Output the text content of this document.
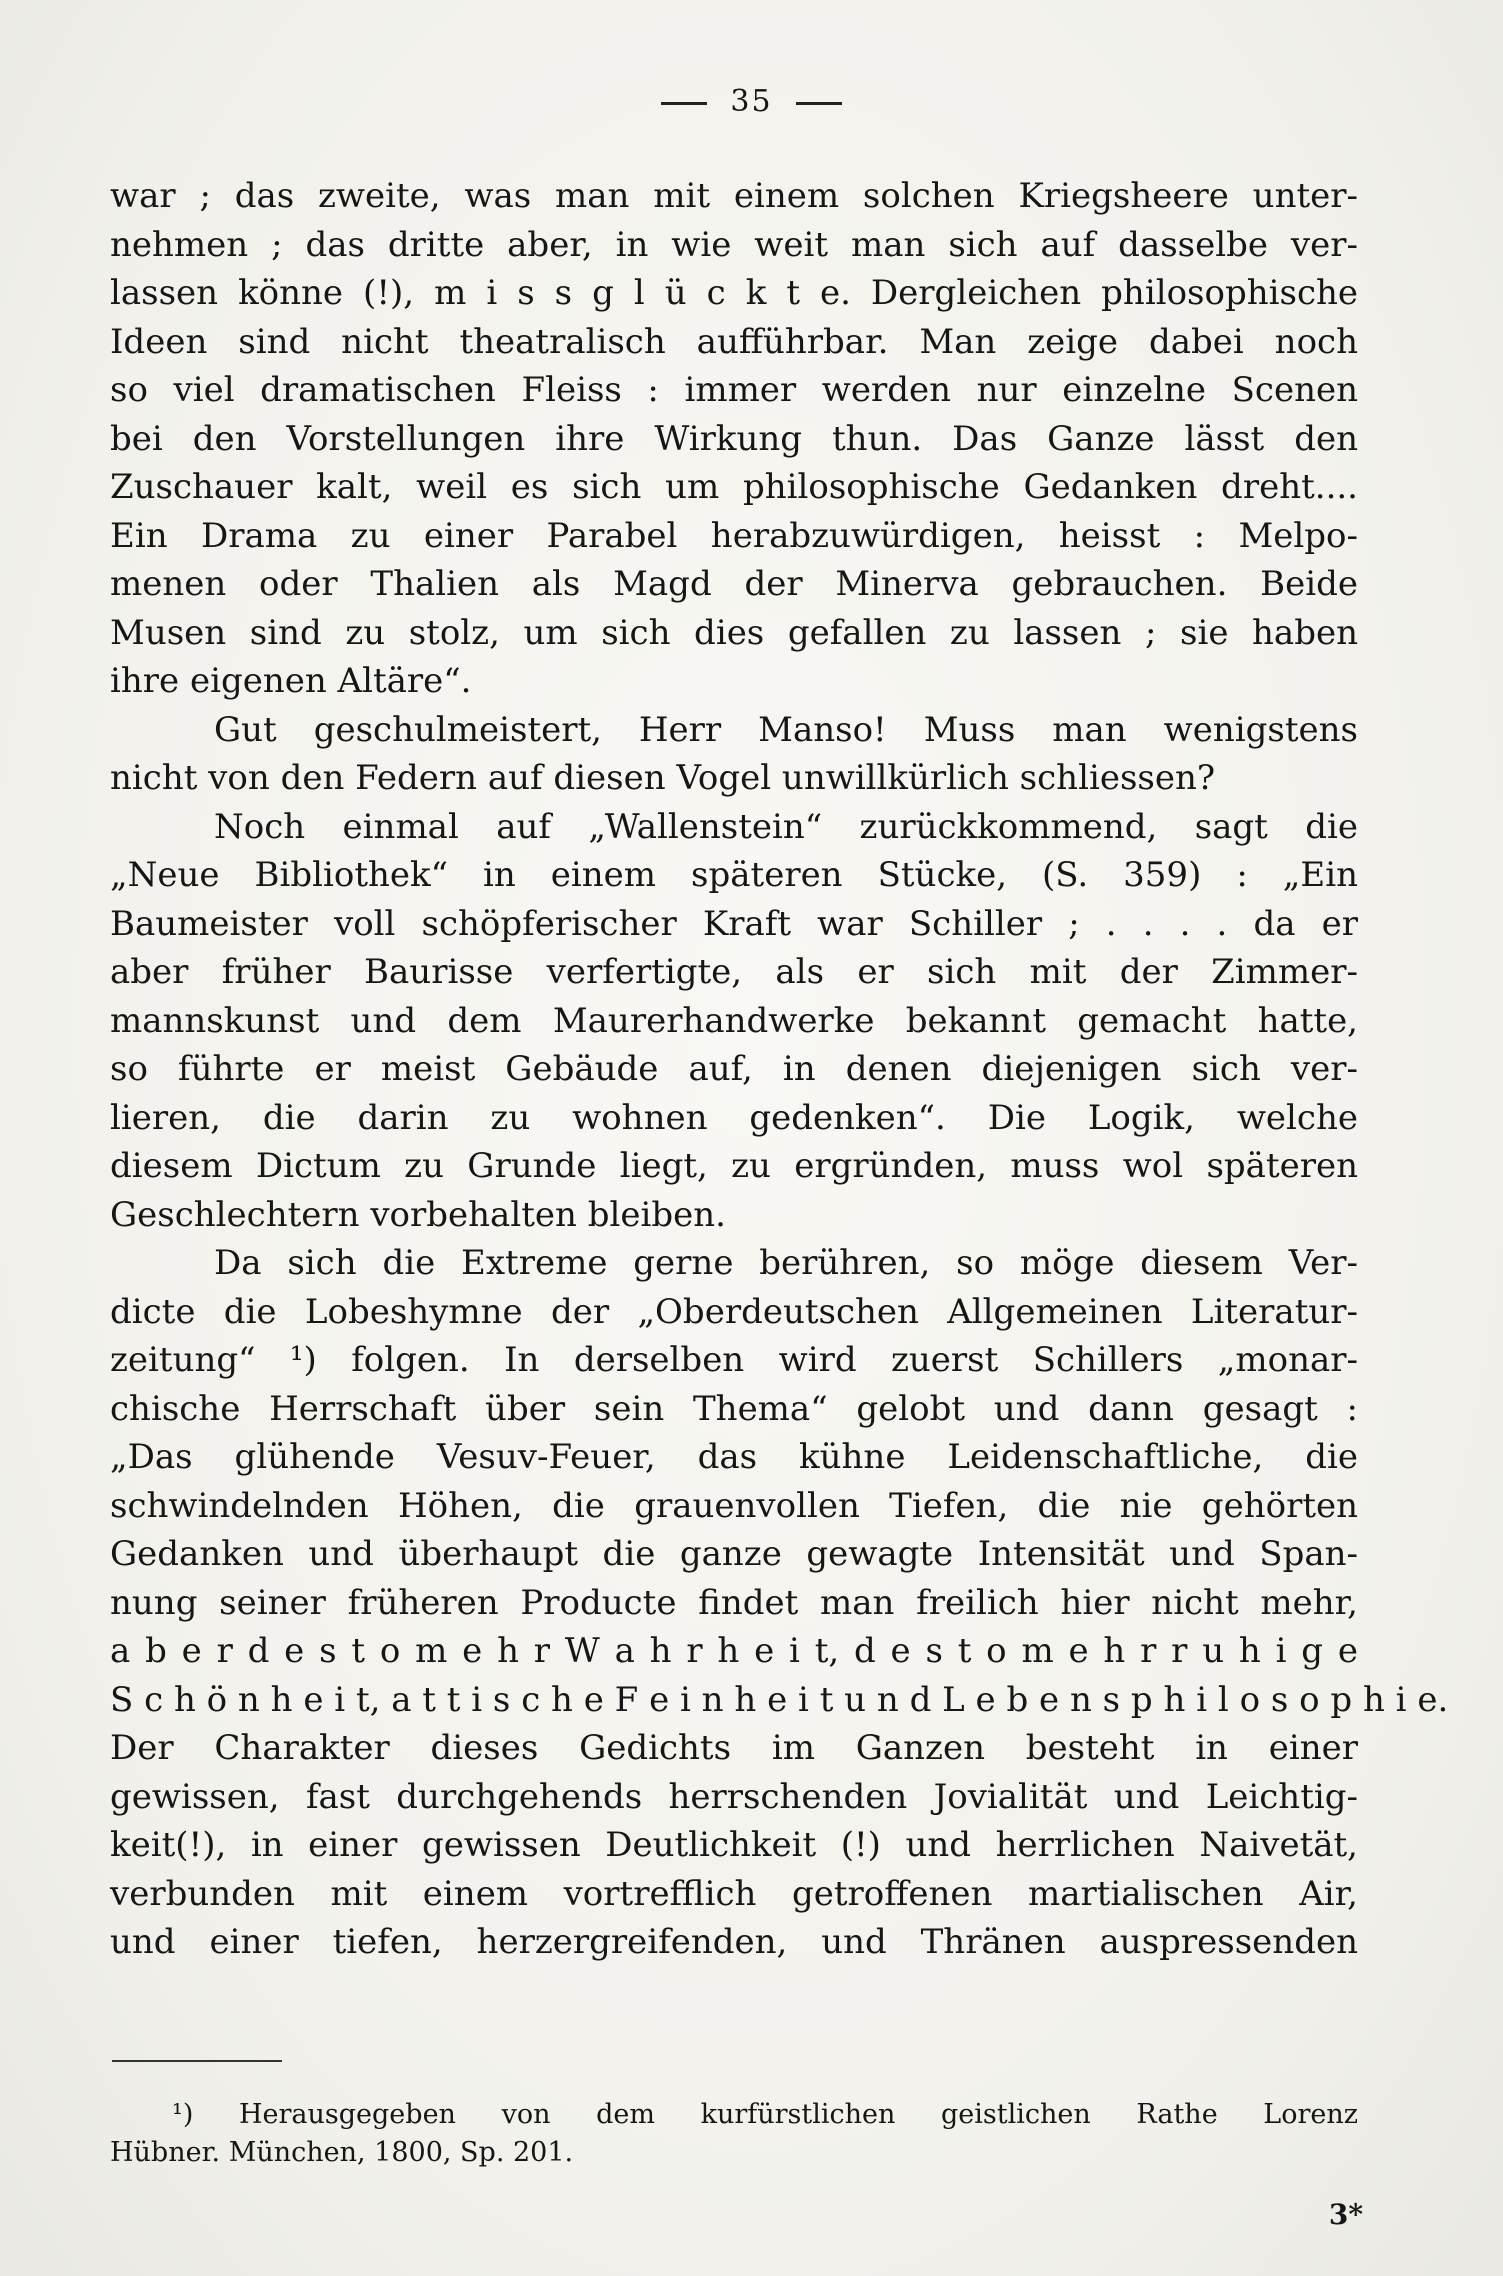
35
war ; das zweite, was man mit einem solchen Kriegsheere unter-
nehmen ; das dritte aber, in wie weit man sich auf dasselbe ver-
lassen könne (!), m i s s g l ü c k t e. Dergleichen philosophische
Ideen sind nicht theatralisch aufführbar. Man zeige dabei noch
so viel dramatischen Fleiss : immer werden nur einzelne Scenen
bei den Vorstellungen ihre Wirkung thun. Das Ganze lässt den
Zuschauer kalt, weil es sich um philosophische Gedanken dreht....
Ein Drama zu einer Parabel herabzuwürdigen, heisst : Melpo-
menen oder Thalien als Magd der Minerva gebrauchen. Beide
Musen sind zu stolz, um sich dies gefallen zu lassen ; sie haben
ihre eigenen Altäre“.
Gut geschulmeistert, Herr Manso! Muss man wenigstens
nicht von den Federn auf diesen Vogel unwillkürlich schliessen?
Noch einmal auf „Wallenstein“ zurückkommend, sagt die
„Neue Bibliothek“ in einem späteren Stücke, (S. 359) : „Ein
Baumeister voll schöpferischer Kraft war Schiller ; . . . . da er
aber früher Baurisse verfertigte, als er sich mit der Zimmer-
mannskunst und dem Maurerhandwerke bekannt gemacht hatte,
so führte er meist Gebäude auf, in denen diejenigen sich ver-
lieren, die darin zu wohnen gedenken“. Die Logik, welche
diesem Dictum zu Grunde liegt, zu ergründen, muss wol späteren
Geschlechtern vorbehalten bleiben.
Da sich die Extreme gerne berühren, so möge diesem Ver-
dicte die Lobeshymne der „Oberdeutschen Allgemeinen Literatur-
zeitung“ ¹) folgen. In derselben wird zuerst Schillers „monar-
chische Herrschaft über sein Thema“ gelobt und dann gesagt :
„Das glühende Vesuv-Feuer, das kühne Leidenschaftliche, die
schwindelnden Höhen, die grauenvollen Tiefen, die nie gehörten
Gedanken und überhaupt die ganze gewagte Intensität und Span-
nung seiner früheren Producte findet man freilich hier nicht mehr,
a b e r d e s t o m e h r W a h r h e i t, d e s t o m e h r r u h i g e
S c h ö n h e i t, a t t i s c h e F e i n h e i t u n d L e b e n s p h i l o s o p h i e.
Der Charakter dieses Gedichts im Ganzen besteht in einer
gewissen, fast durchgehends herrschenden Jovialität und Leichtig-
keit(!), in einer gewissen Deutlichkeit (!) und herrlichen Naivetät,
verbunden mit einem vortrefflich getroffenen martialischen Air,
und einer tiefen, herzergreifenden, und Thränen auspressenden
¹) Herausgegeben von dem kurfürstlichen geistlichen Rathe Lorenz
Hübner. München, 1800, Sp. 201.
3*
